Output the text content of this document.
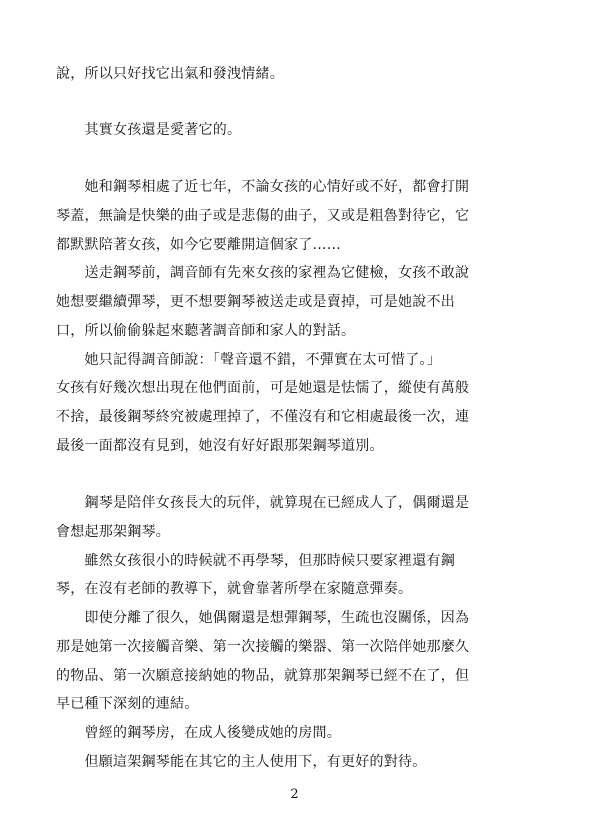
說，所以只好找它出氣和發洩情緒。
　　其實女孩還是愛著它的。
　　她和鋼琴相處了近七年，不論女孩的心情好或不好，都會打開
琴蓋，無論是快樂的曲子或是悲傷的曲子，又或是粗魯對待它，它
都默默陪著女孩，如今它要離開這個家了……
　　送走鋼琴前，調音師有先來女孩的家裡為它健檢，女孩不敢說
她想要繼續彈琴，更不想要鋼琴被送走或是賣掉，可是她說不出
口，所以偷偷躲起來聽著調音師和家人的對話。
　　她只記得調音師說：「聲音還不錯，不彈實在太可惜了。」
女孩有好幾次想出現在他們面前，可是她還是怯懦了，縱使有萬般
不捨，最後鋼琴終究被處理掉了，不僅沒有和它相處最後一次，連
最後一面都沒有見到，她沒有好好跟那架鋼琴道別。
　　鋼琴是陪伴女孩長大的玩伴，就算現在已經成人了，偶爾還是
會想起那架鋼琴。
　　雖然女孩很小的時候就不再學琴，但那時候只要家裡還有鋼
琴，在沒有老師的教導下，就會靠著所學在家隨意彈奏。
　　即使分離了很久，她偶爾還是想彈鋼琴，生疏也沒關係，因為
那是她第一次接觸音樂、第一次接觸的樂器、第一次陪伴她那麼久
的物品、第一次願意接納她的物品，就算那架鋼琴已經不在了，但
早已種下深刻的連結。
　　曾經的鋼琴房，在成人後變成她的房間。
　　但願這架鋼琴能在其它的主人使用下，有更好的對待。
2
